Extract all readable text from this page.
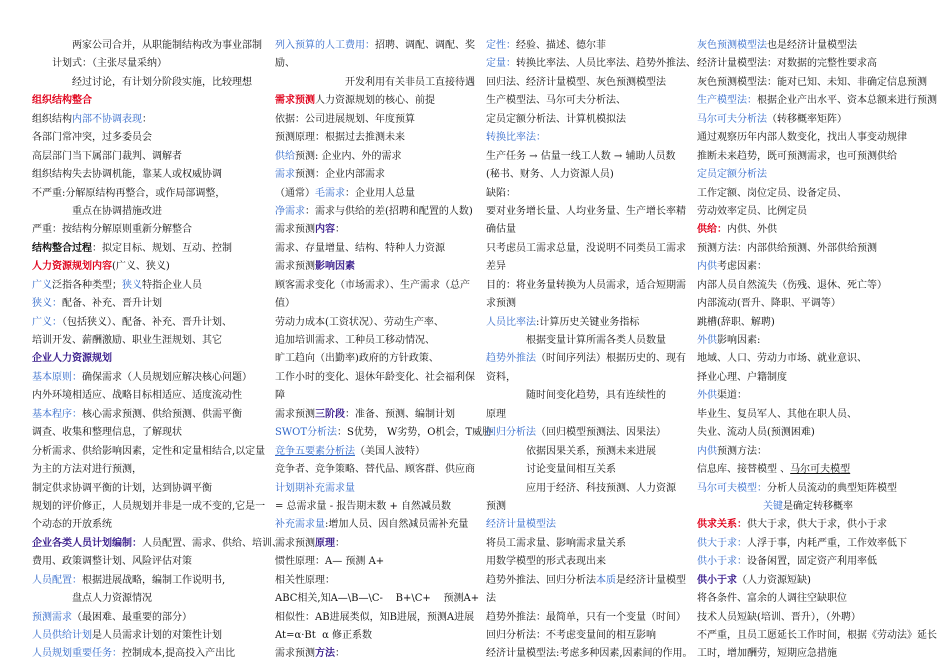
两家公司合并，从职能制结构改为事业部制
计划式：（主张尽量采纳）
经过讨论，有计划分阶段实施，比较理想
组织结构整合
组织结构内部不协调表现：
各部门常冲突，过多委员会
高层部门当下属部门裁判、调解者
组织结构失去协调机能，靠某人或权威协调
不严重:分解原结构再整合，或作局部调整，
重点在协调措施改进
严重：按结构分解原则重新分解整合
结构整合过程：拟定目标、规划、互动、控制
人力资源规划内容(广义、狭义)
广义泛指各种类型；狭义特指企业人员
狭义：配备、补充、晋升计划
广义：（包括狭义）、配备、补充、晋升计划、
培训开发、薪酬激励、职业生涯规划、其它
企业人力资源规划
基本原则：确保需求（人员规划应解决核心问题）
内外环境相适应、战略目标相适应、适度流动性
基本程序：核心需求预测、供给预测、供需平衡
调查、收集和整理信息，了解现状
分析需求、供给影响因素，定性和定量相结合,以定量
为主的方法对进行预测，
制定供求协调平衡的计划，达到协调平衡
规划的评价修正，人员规划并非是一成不变的,它是一
个动态的开放系统
企业各类人员计划编制：人员配置、需求、供给、培训、
费用、政策调整计划、风险评估对策
人员配置：根据进展战略，编制工作说明书,
盘点人力资源情况
预测需求（最困难、最重要的部分）
人员供给计划是人员需求计划的对策性计划
人员规划重要任务：控制成本,提高投入产出比
列入预算的人工费用：招聘、调配、调配、奖
励、
开发利用有关非员工直接待遇
需求预测人力资源规划的核心、前提
依据：公司进展规划、年度预算
预测原理：根据过去推测未来
供给预测: 企业内、外的需求
需求预测：企业内部需求
（通常）毛需求：企业用人总量
净需求：需求与供给的差(招聘和配置的人数)
需求预测内容：
需求、存量增量、结构、特种人力资源
需求预测影响因素
顾客需求变化（市场需求）、生产需求（总产
值）
劳动力成本(工资状况）、劳动生产率、
追加培训需求、工种员工移动情况、
旷工趋向（出勤率)政府的方针政策、
工作小时的变化、退休年龄变化、社会福利保
障
需求预测三阶段：准备、预测、编制计划
SWOT分析法：S优势， W劣势，O机会，T威胁
竞争五要素分析法（美国人波特）
竞争者、竞争策略、替代品、顾客群、供应商
计划期补充需求量
= 总需求量 - 报告期末数 + 自然减员数
补充需求量:增加人员、因自然减员需补充量
需求预测原理：
惯性原理：A— 预测 A+
相关性原理：
ABC相关,知A—\B—\C-    B+\C+    预测A+
相似性：AB进展类似，知B进展，预测A进展
At=α·Bt  α 修正系数
需求预测方法：
定性：经验、描述、德尔菲
定量：转换比率法、人员比率法、趋势外推法、
回归法、经济计量模型、灰色预测模型法
生产模型法、马尔可夫分析法、
定员定额分析法、计算机模拟法
转换比率法：
生产任务 → 估量一线工人数 → 辅助人员数
(秘书、财务、人力资源人员)
缺陷：
要对业务增长量、人均业务量、生产增长率精
确估量
只考虑员工需求总量，没说明不同类员工需求
差异
目的：将业务量转换为人员需求，适合短期需
求预测
人员比率法:计算历史关键业务指标
根据变量计算所需各类人员数量
趋势外推法（时间序列法）根据历史的、现有
资料，
随时间变化趋势，具有连续性的
原理
回归分析法（回归模型预测法、因果法）
依据因果关系，预测未来进展
讨论变量间相互关系
应用于经济、科技预测、人力资源
预测
经济计量模型法
将员工需求量、影响需求量关系
用数学模型的形式表现出来
趋势外推法、回归分析法本质是经济计量模型
法
趋势外推法：最简单，只有一个变量（时间）
回归分析法：不考虑变量间的相互影响
经济计量模型法:考虑多种因素,因素间的作用。
灰色预测模型法也是经济计量模型法
经济计量模型法：对数据的完整性要求高
灰色预测模型法：能对已知、未知、非确定信息预测
生产模型法：根据企业产出水平、资本总额来进行预测
马尔可夫分析法（转移概率矩阵）
通过观察历年内部人数变化，找出人事变动规律
推断未来趋势，既可预测需求，也可预测供给
定员定额分析法
工作定额、岗位定员、设备定员、
劳动效率定员、比例定员
供给：内供、外供
预测方法：内部供给预测、外部供给预测
内供考虑因素：
内部人员自然流失（伤残、退休、死亡等）
内部流动(晋升、降职、平调等）
跳槽(辞职、解聘)
外供影响因素:
地域、人口、劳动力市场、就业意识、
择业心理、户籍制度
外供渠道：
毕业生、复员军人、其他在职人员、
失业、流动人员(预测困难)
内供预测方法：
信息库、接替模型 、马尔可夫模型
马尔可夫模型：分析人员流动的典型矩阵模型
关键是确定转移概率
供求关系：供大于求，供大于求，供小于求
供大于求：人浮于事，内耗严重，工作效率低下
供小于求：设备闲置，固定资产利用率低
供小于求（人力资源短缺)
将各条件、富余的人调往空缺职位
技术人员短缺(培训、晋升），（外聘）
不严重，且员工愿延长工作时间，根据《劳动法》延长
工时，增加酬劳，短期应急措施
